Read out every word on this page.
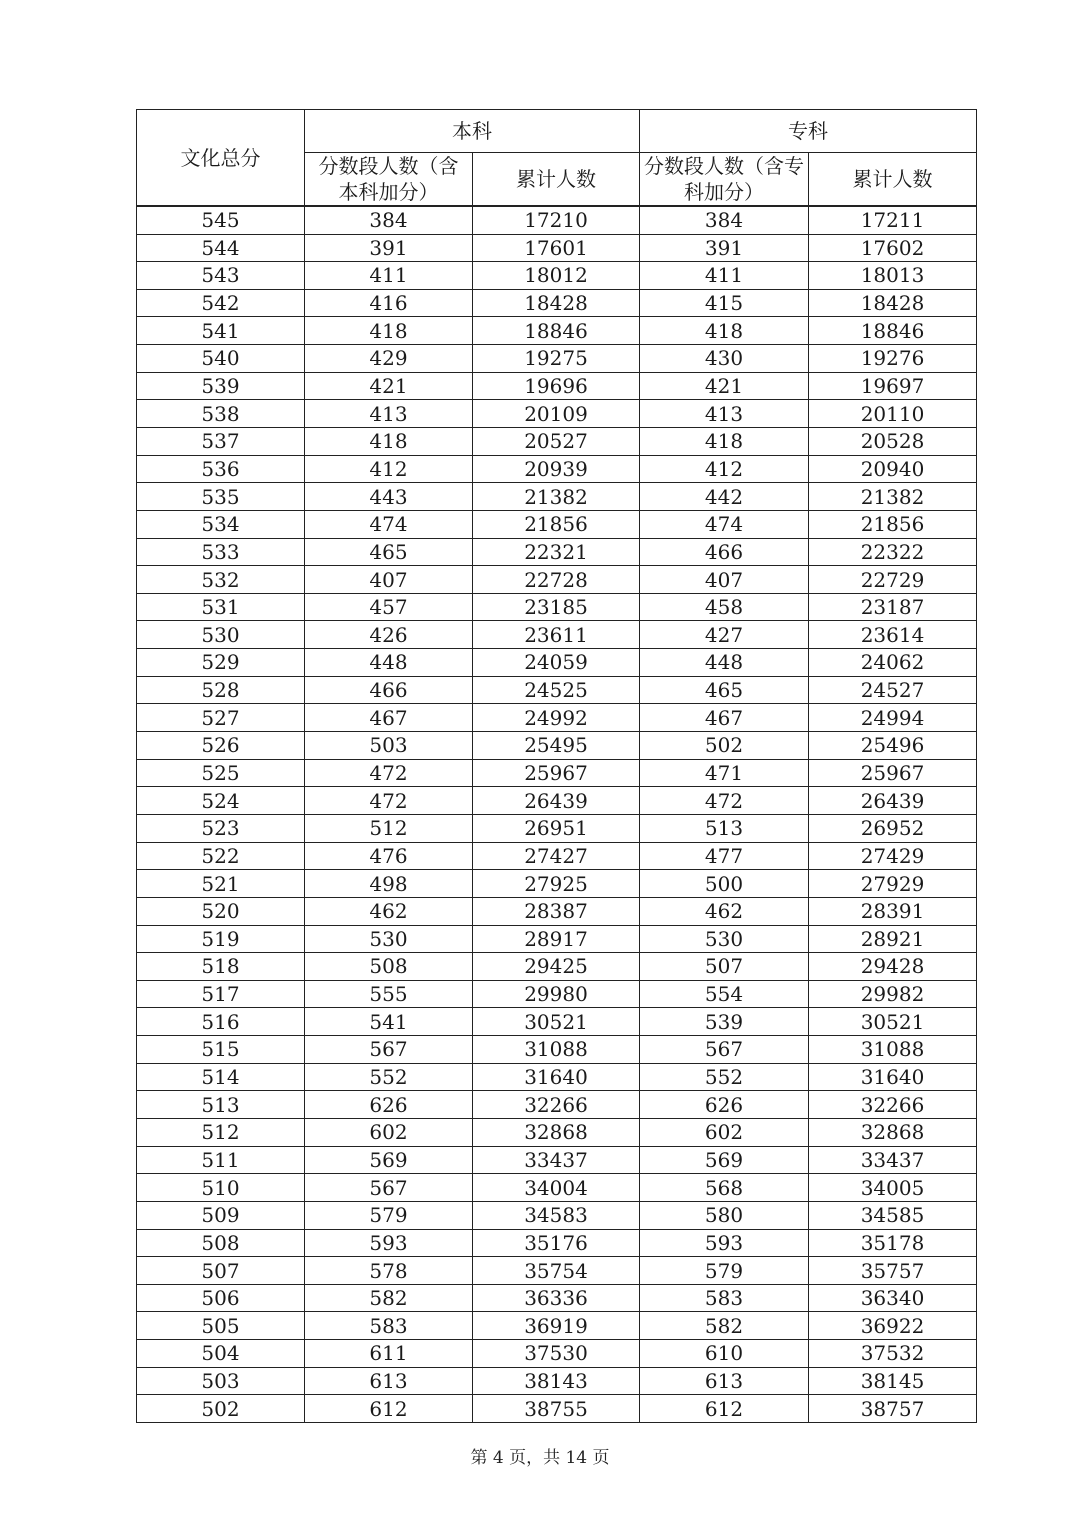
文化总分	本科		专科	
	分数段人数（含本科加分）	累计人数	分数段人数（含专科加分）	累计人数
545	384	17210	384	17211
544	391	17601	391	17602
543	411	18012	411	18013
542	416	18428	415	18428
541	418	18846	418	18846
540	429	19275	430	19276
539	421	19696	421	19697
538	413	20109	413	20110
537	418	20527	418	20528
536	412	20939	412	20940
535	443	21382	442	21382
534	474	21856	474	21856
533	465	22321	466	22322
532	407	22728	407	22729
531	457	23185	458	23187
530	426	23611	427	23614
529	448	24059	448	24062
528	466	24525	465	24527
527	467	24992	467	24994
526	503	25495	502	25496
525	472	25967	471	25967
524	472	26439	472	26439
523	512	26951	513	26952
522	476	27427	477	27429
521	498	27925	500	27929
520	462	28387	462	28391
519	530	28917	530	28921
518	508	29425	507	29428
517	555	29980	554	29982
516	541	30521	539	30521
515	567	31088	567	31088
514	552	31640	552	31640
513	626	32266	626	32266
512	602	32868	602	32868
511	569	33437	569	33437
510	567	34004	568	34005
509	579	34583	580	34585
508	593	35176	593	35178
507	578	35754	579	35757
506	582	36336	583	36340
505	583	36919	582	36922
504	611	37530	610	37532
503	613	38143	613	38145
502	612	38755	612	38757
第 4 页，共 14 页
